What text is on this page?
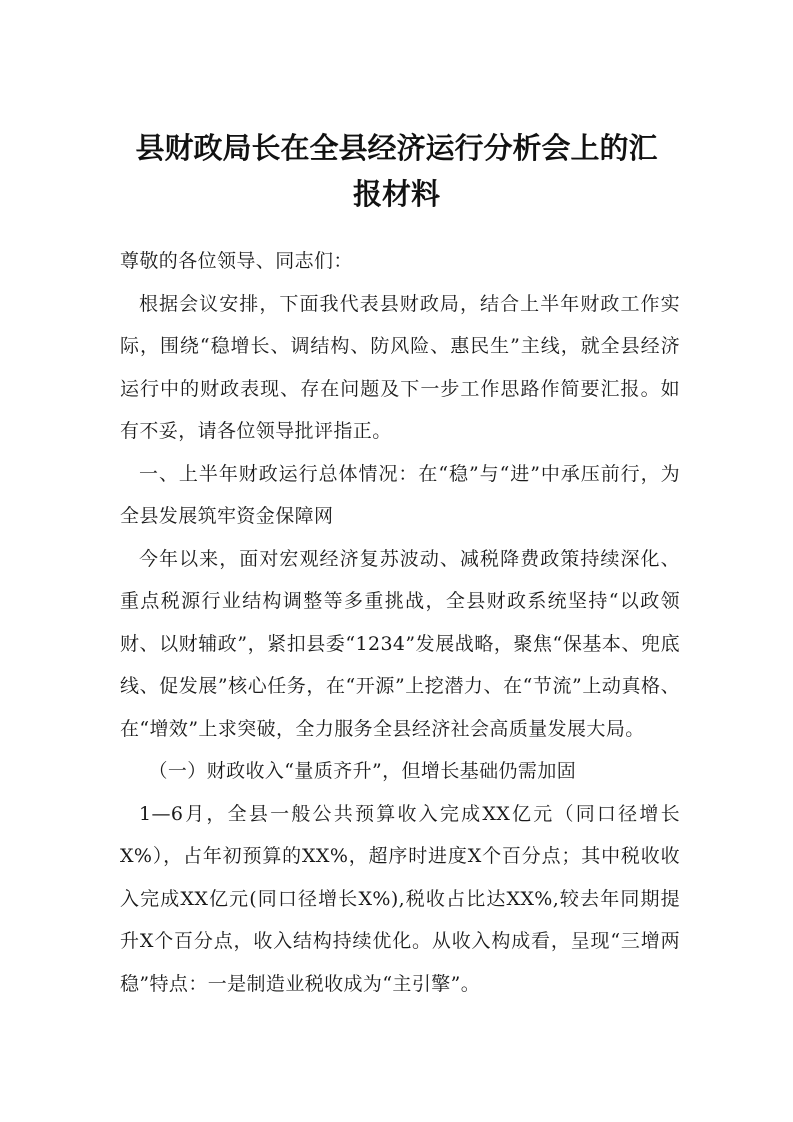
县财政局长在全县经济运行分析会上的汇
报材料

尊敬的各位领导、同志们：

根据会议安排，下面我代表县财政局，结合上半年财政工作实际，围绕“稳增长、调结构、防风险、惠民生”主线，就全县经济运行中的财政表现、存在问题及下一步工作思路作简要汇报。如有不妥，请各位领导批评指正。

一、上半年财政运行总体情况：在“稳”与“进”中承压前行，为全县发展筑牢资金保障网

今年以来，面对宏观经济复苏波动、减税降费政策持续深化、重点税源行业结构调整等多重挑战，全县财政系统坚持“以政领财、以财辅政”，紧扣县委“1234”发展战略，聚焦“保基本、兜底线、促发展”核心任务，在“开源”上挖潜力、在“节流”上动真格、在“增效”上求突破，全力服务全县经济社会高质量发展大局。

（一）财政收入“量质齐升”，但增长基础仍需加固

1—6月，全县一般公共预算收入完成XX亿元（同口径增长X%），占年初预算的XX%，超序时进度X个百分点；其中税收收入完成XX亿元(同口径增长X%),税收占比达XX%,较去年同期提升X个百分点，收入结构持续优化。从收入构成看，呈现“三增两稳”特点：一是制造业税收成为“主引擎”。
